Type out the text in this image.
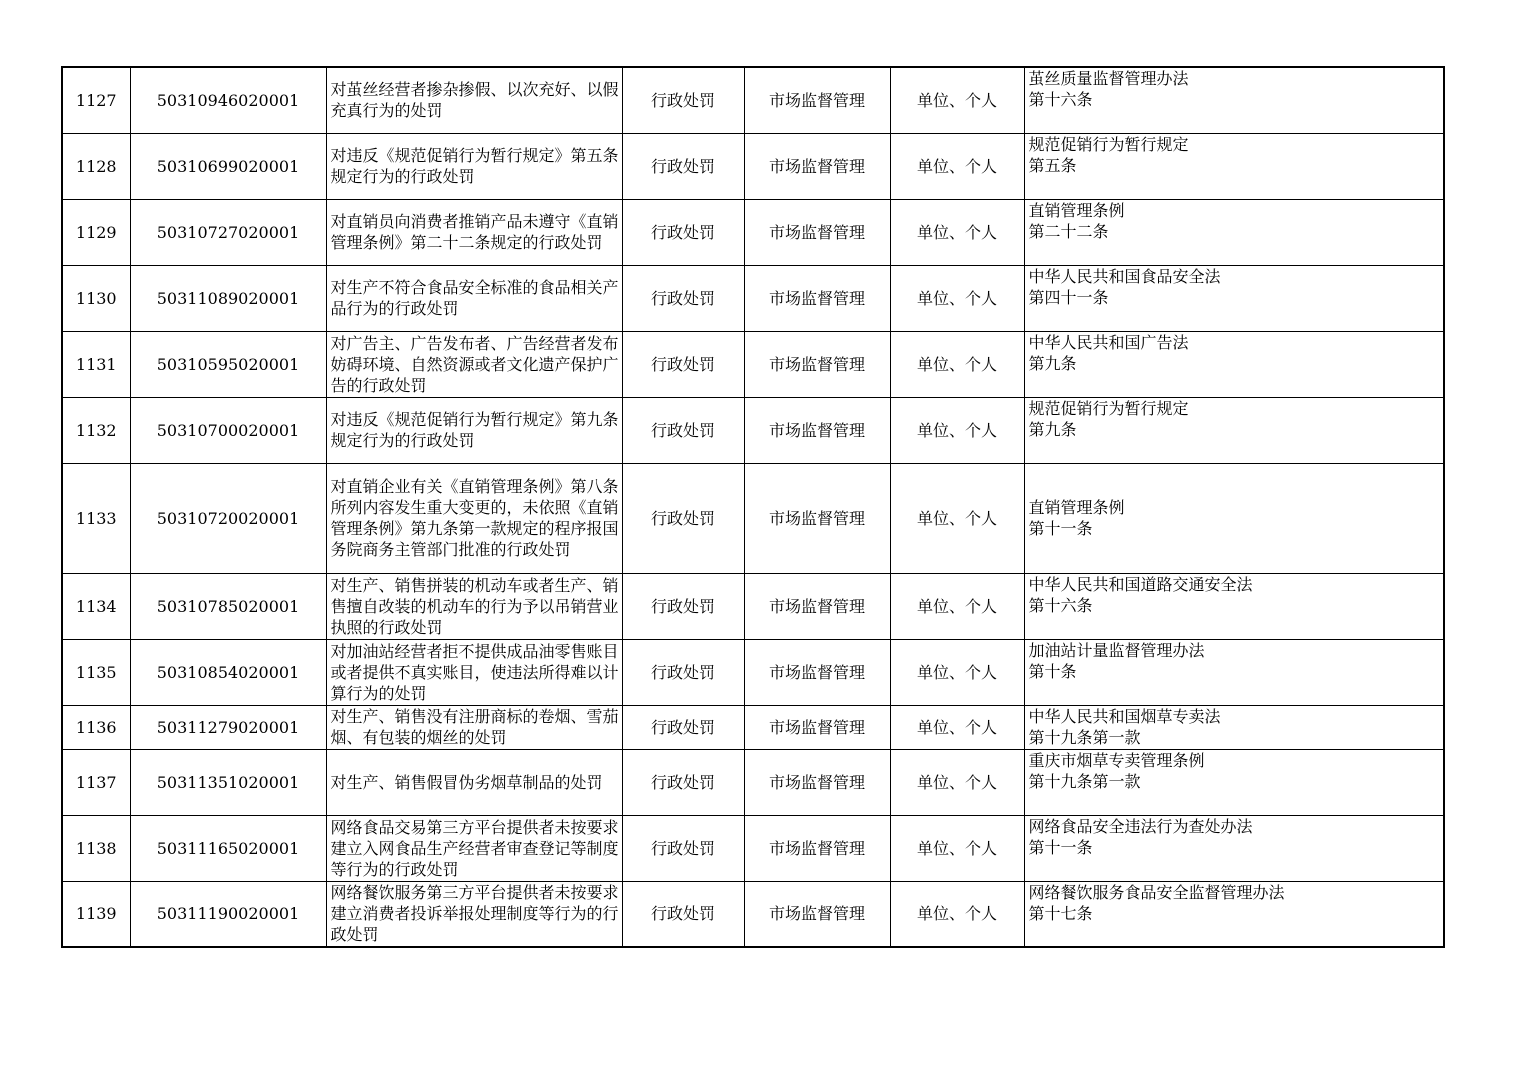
1127	50310946020001	对茧丝经营者掺杂掺假、以次充好、以假充真行为的处罚	行政处罚	市场监督管理	单位、个人	茧丝质量监督管理办法
第十六条

1128	50310699020001	对违反《规范促销行为暂行规定》第五条规定行为的行政处罚	行政处罚	市场监督管理	单位、个人	规范促销行为暂行规定
第五条

1129	50310727020001	对直销员向消费者推销产品未遵守《直销管理条例》第二十二条规定的行政处罚	行政处罚	市场监督管理	单位、个人	直销管理条例
第二十二条

1130	50311089020001	对生产不符合食品安全标准的食品相关产品行为的行政处罚	行政处罚	市场监督管理	单位、个人	中华人民共和国食品安全法
第四十一条

1131	50310595020001	对广告主、广告发布者、广告经营者发布妨碍环境、自然资源或者文化遗产保护广告的行政处罚	行政处罚	市场监督管理	单位、个人	中华人民共和国广告法
第九条

1132	50310700020001	对违反《规范促销行为暂行规定》第九条规定行为的行政处罚	行政处罚	市场监督管理	单位、个人	规范促销行为暂行规定
第九条

1133	50310720020001	对直销企业有关《直销管理条例》第八条所列内容发生重大变更的，未依照《直销管理条例》第九条第一款规定的程序报国务院商务主管部门批准的行政处罚	行政处罚	市场监督管理	单位、个人	直销管理条例
第十一条

1134	50310785020001	对生产、销售拼装的机动车或者生产、销售擅自改装的机动车的行为予以吊销营业执照的行政处罚	行政处罚	市场监督管理	单位、个人	中华人民共和国道路交通安全法
第十六条

1135	50310854020001	对加油站经营者拒不提供成品油零售账目或者提供不真实账目，使违法所得难以计算行为的处罚	行政处罚	市场监督管理	单位、个人	加油站计量监督管理办法
第十条

1136	50311279020001	对生产、销售没有注册商标的卷烟、雪茄烟、有包装的烟丝的处罚	行政处罚	市场监督管理	单位、个人	中华人民共和国烟草专卖法
第十九条第一款

1137	50311351020001	对生产、销售假冒伪劣烟草制品的处罚	行政处罚	市场监督管理	单位、个人	重庆市烟草专卖管理条例
第十九条第一款

1138	50311165020001	网络食品交易第三方平台提供者未按要求建立入网食品生产经营者审查登记等制度等行为的行政处罚	行政处罚	市场监督管理	单位、个人	网络食品安全违法行为查处办法
第十一条

1139	50311190020001	网络餐饮服务第三方平台提供者未按要求建立消费者投诉举报处理制度等行为的行政处罚	行政处罚	市场监督管理	单位、个人	网络餐饮服务食品安全监督管理办法
第十七条
